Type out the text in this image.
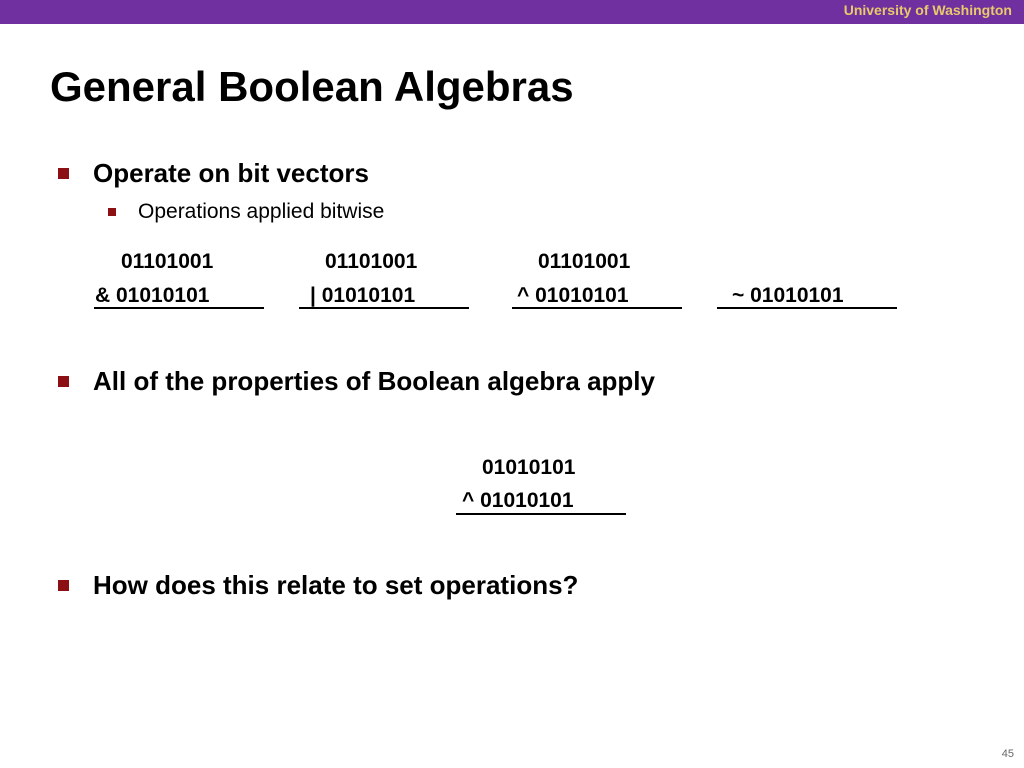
University of Washington
General Boolean Algebras
Operate on bit vectors
Operations applied bitwise
01101001
& 01010101
01101001
| 01010101
01101001
^ 01010101	~ 01010101
All of the properties of Boolean algebra apply
01010101
^ 01010101
How does this relate to set operations?
45
